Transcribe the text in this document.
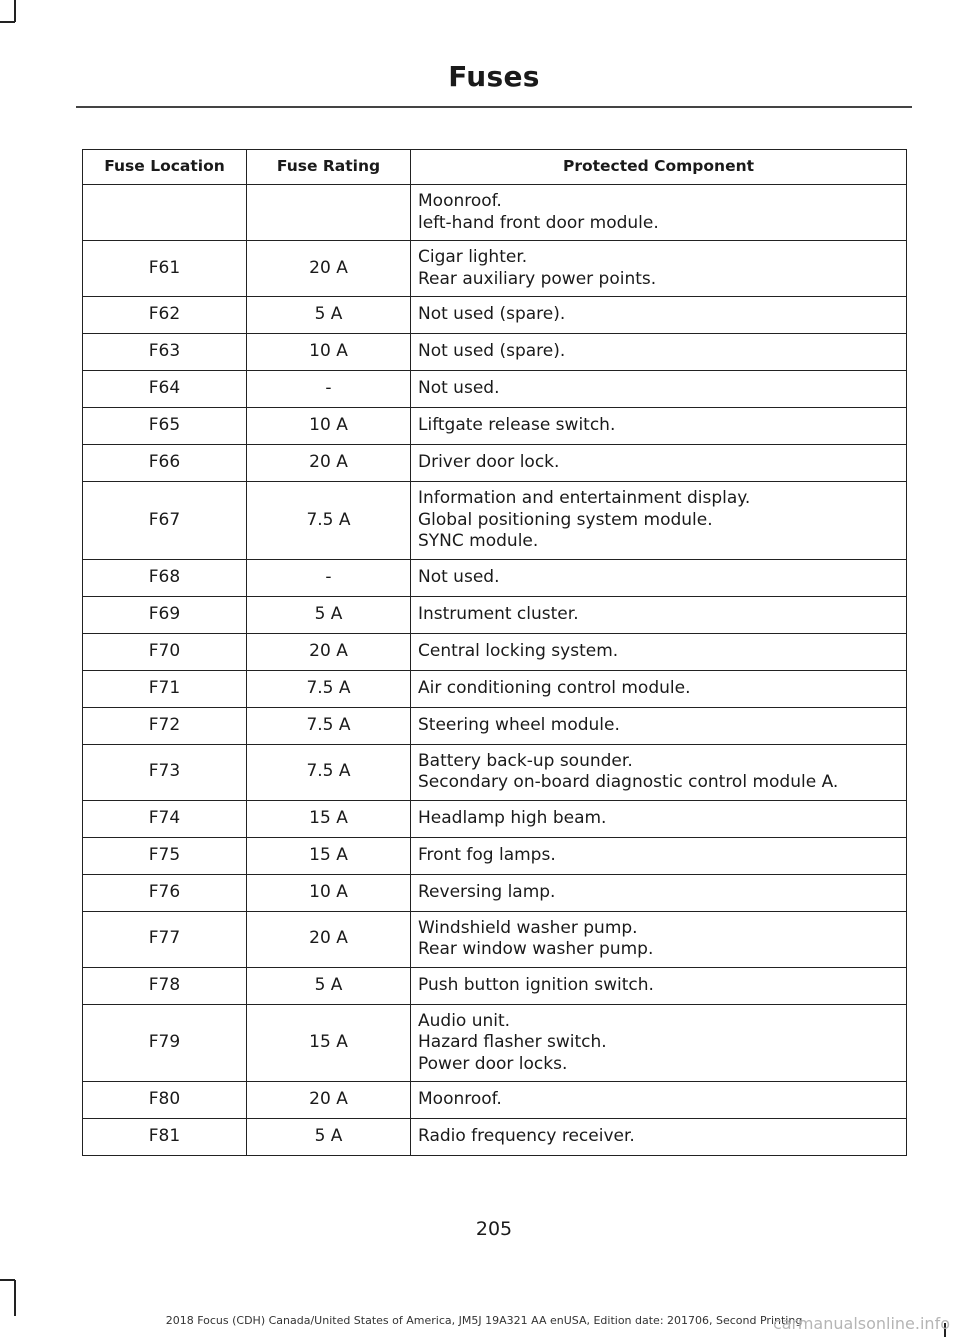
Fuses
Fuse Location	Fuse Rating	Protected Component

		Moonroof.
left-hand front door module.

F61	20 A	Cigar lighter.
Rear auxiliary power points.

F62	5 A	Not used (spare).

F63	10 A	Not used (spare).

F64	-	Not used.

F65	10 A	Liftgate release switch.

F66	20 A	Driver door lock.

F67	7.5 A	Information and entertainment display.
Global positioning system module.
SYNC module.

F68	-	Not used.

F69	5 A	Instrument cluster.

F70	20 A	Central locking system.

F71	7.5 A	Air conditioning control module.

F72	7.5 A	Steering wheel module.

F73	7.5 A	Battery back-up sounder.
Secondary on-board diagnostic control module A.

F74	15 A	Headlamp high beam.

F75	15 A	Front fog lamps.

F76	10 A	Reversing lamp.

F77	20 A	Windshield washer pump.
Rear window washer pump.

F78	5 A	Push button ignition switch.

F79	15 A	Audio unit.
Hazard flasher switch.
Power door locks.

F80	20 A	Moonroof.

F81	5 A	Radio frequency receiver.
205
2018 Focus (CDH) Canada/United States of America, JM5J 19A321 AA enUSA, Edition date: 201706, Second Printing
carmanualsonline.info
